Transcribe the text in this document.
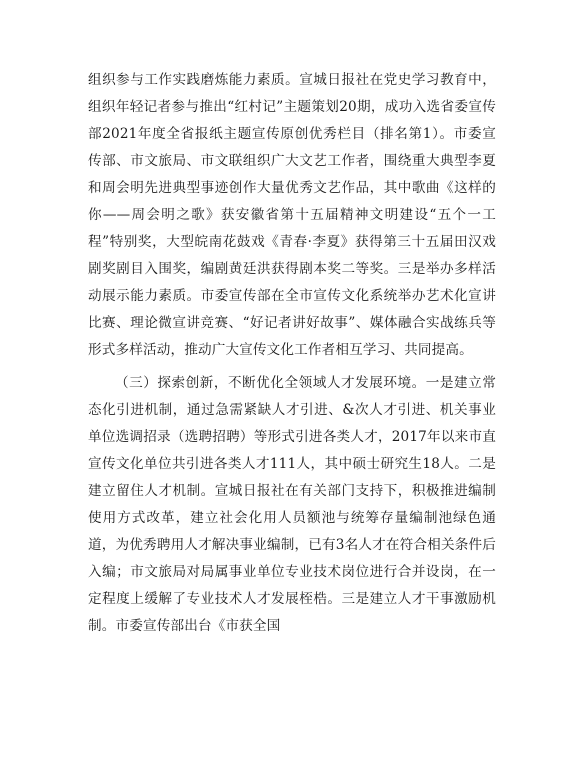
组织参与工作实践磨炼能力素质。宣城日报社在党史学习教育中，组织年轻记者参与推出“红村记”主题策划20期，成功入选省委宣传部2021年度全省报纸主题宣传原创优秀栏目（排名第1）。市委宣传部、市文旅局、市文联组织广大文艺工作者，围绕重大典型李夏和周会明先进典型事迹创作大量优秀文艺作品，其中歌曲《这样的你——周会明之歌》获安徽省第十五届精神文明建设“五个一工程”特别奖，大型皖南花鼓戏《青春·李夏》获得第三十五届田汉戏剧奖剧目入围奖，编剧黄廷洪获得剧本奖二等奖。三是举办多样活动展示能力素质。市委宣传部在全市宣传文化系统举办艺术化宣讲比赛、理论微宣讲竞赛、“好记者讲好故事”、媒体融合实战练兵等形式多样活动，推动广大宣传文化工作者相互学习、共同提高。

（三）探索创新，不断优化全领域人才发展环境。一是建立常态化引进机制，通过急需紧缺人才引进、&次人才引进、机关事业单位选调招录（选聘招聘）等形式引进各类人才，2017年以来市直宣传文化单位共引进各类人才111人，其中硕士研究生18人。二是建立留住人才机制。宣城日报社在有关部门支持下，积极推进编制使用方式改革，建立社会化用人员额池与统筹存量编制池绿色通道，为优秀聘用人才解决事业编制，已有3名人才在符合相关条件后入编；市文旅局对局属事业单位专业技术岗位进行合并设岗，在一定程度上缓解了专业技术人才发展桎梏。三是建立人才干事激励机制。市委宣传部出台《市获全国
